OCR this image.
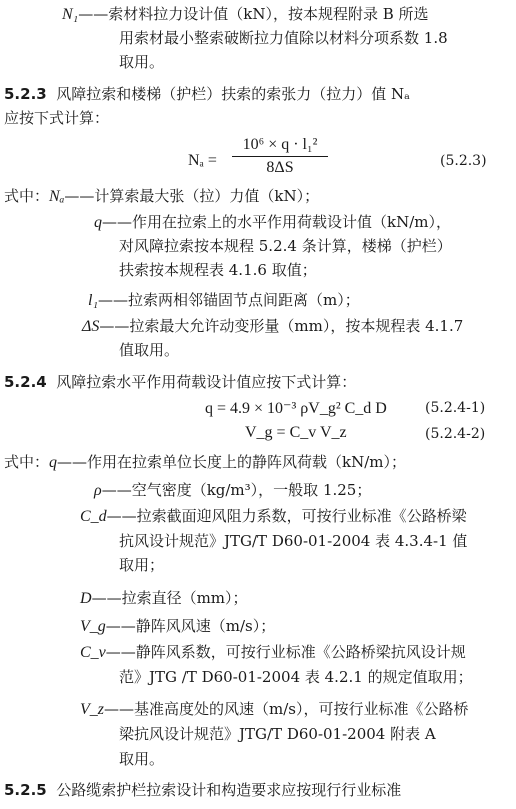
N₁——索材料拉力设计值（kN），按本规程附录 B 所选
用索材最小整索破断拉力值除以材料分项系数 1.8
取用。
5.2.3 风障拉索和楼梯（护栏）扶索的索张力（拉力）值 Nₐ
应按下式计算：
$N_a = \frac{\text{10⁶ × q · l₁²}}{8\Delta S}$	(5.2.3)
式中：Nₐ——计算索最大张（拉）力值（kN）；
q——作用在拉索上的水平作用荷载设计值（kN/m），
对风障拉索按本规程 5.2.4 条计算，楼梯（护栏）
扶索按本规程表 4.1.6 取值；
l₁——拉索两相邻锚固节点间距离（m）；
ΔS——拉索最大允许动变形量（mm），按本规程表 4.1.7
值取用。
5.2.4 风障拉索水平作用荷载设计值应按下式计算：
q = 4.9 × 10⁻³ ρV_g² C_d D	(5.2.4-1)
V_g = C_v V_z	(5.2.4-2)
式中：q——作用在拉索单位长度上的静阵风荷载（kN/m）；
ρ——空气密度（kg/m³），一般取 1.25；
C_d——拉索截面迎风阻力系数，可按行业标准《公路桥梁
抗风设计规范》JTG/T D60-01-2004 表 4.3.4-1 值
取用；
D——拉索直径（mm）；
V_g——静阵风风速（m/s）；
C_v——静阵风系数，可按行业标准《公路桥梁抗风设计规
范》JTG /T D60-01-2004 表 4.2.1 的规定值取用；
V_z——基准高度处的风速（m/s），可按行业标准《公路桥
梁抗风设计规范》JTG/T D60-01-2004 附表 A
取用。
5.2.5 公路缆索护栏拉索设计和构造要求应按现行行业标准
